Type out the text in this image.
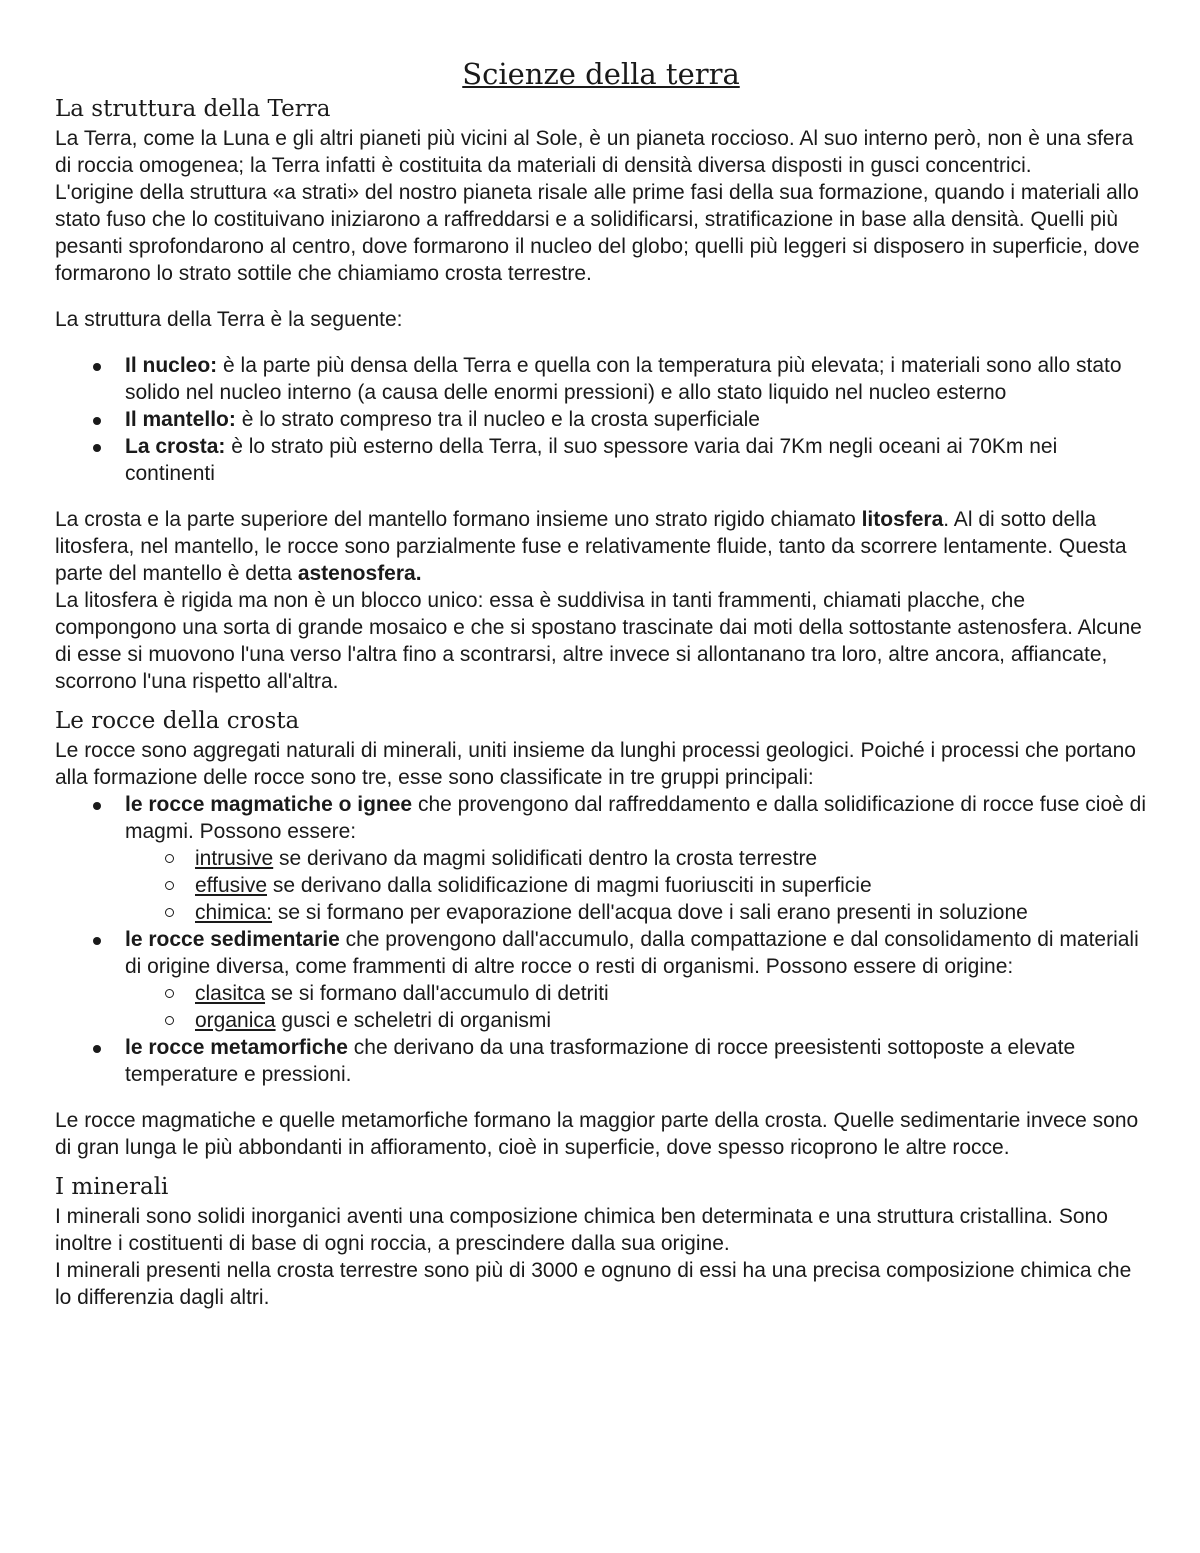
Scienze della terra
La struttura della Terra

La Terra, come la Luna e gli altri pianeti più vicini al Sole, è un pianeta roccioso. Al suo interno però, non è una sfera di roccia omogenea; la Terra infatti è costituita da materiali di densità diversa disposti in gusci concentrici.

L'origine della struttura «a strati» del nostro pianeta risale alle prime fasi della sua formazione, quando i materiali allo stato fuso che lo costituivano iniziarono a raffreddarsi e a solidificarsi, stratificazione in base alla densità. Quelli più pesanti sprofondarono al centro, dove formarono il nucleo del globo; quelli più leggeri si disposero in superficie, dove formarono lo strato sottile che chiamiamo crosta terrestre.

La struttura della Terra è la seguente:

Il nucleo: è la parte più densa della Terra e quella con la temperatura più elevata; i materiali sono allo stato solido nel nucleo interno (a causa delle enormi pressioni) e allo stato liquido nel nucleo esterno
Il mantello: è lo strato compreso tra il nucleo e la crosta superficiale
La crosta: è lo strato più esterno della Terra, il suo spessore varia dai 7Km negli oceani ai 70Km nei continenti

La crosta e la parte superiore del mantello formano insieme uno strato rigido chiamato litosfera. Al di sotto della litosfera, nel mantello, le rocce sono parzialmente fuse e relativamente fluide, tanto da scorrere lentamente. Questa parte del mantello è detta astenosfera.

La litosfera è rigida ma non è un blocco unico: essa è suddivisa in tanti frammenti, chiamati placche, che compongono una sorta di grande mosaico e che si spostano trascinate dai moti della sottostante astenosfera. Alcune di esse si muovono l'una verso l'altra fino a scontrarsi, altre invece si allontanano tra loro, altre ancora, affiancate, scorrono l'una rispetto all'altra.

Le rocce della crosta

Le rocce sono aggregati naturali di minerali, uniti insieme da lunghi processi geologici. Poiché i processi che portano alla formazione delle rocce sono tre, esse sono classificate in tre gruppi principali:

le rocce magmatiche o ignee che provengono dal raffreddamento e dalla solidificazione di rocce fuse cioè di magmi. Possono essere:
intrusive se derivano da magmi solidificati dentro la crosta terrestre
effusive se derivano dalla solidificazione di magmi fuoriusciti in superficie
chimica: se si formano per evaporazione dell'acqua dove i sali erano presenti in soluzione
le rocce sedimentarie che provengono dall'accumulo, dalla compattazione e dal consolidamento di materiali di origine diversa, come frammenti di altre rocce o resti di organismi. Possono essere di origine:
clasitca se si formano dall'accumulo di detriti
organica gusci e scheletri di organismi
le rocce metamorfiche che derivano da una trasformazione di rocce preesistenti sottoposte a elevate temperature e pressioni.

Le rocce magmatiche e quelle metamorfiche formano la maggior parte della crosta. Quelle sedimentarie invece sono di gran lunga le più abbondanti in affioramento, cioè in superficie, dove spesso ricoprono le altre rocce.

I minerali

I minerali sono solidi inorganici aventi una composizione chimica ben determinata e una struttura cristallina. Sono inoltre i costituenti di base di ogni roccia, a prescindere dalla sua origine.

I minerali presenti nella crosta terrestre sono più di 3000 e ognuno di essi ha una precisa composizione chimica che lo differenzia dagli altri.
